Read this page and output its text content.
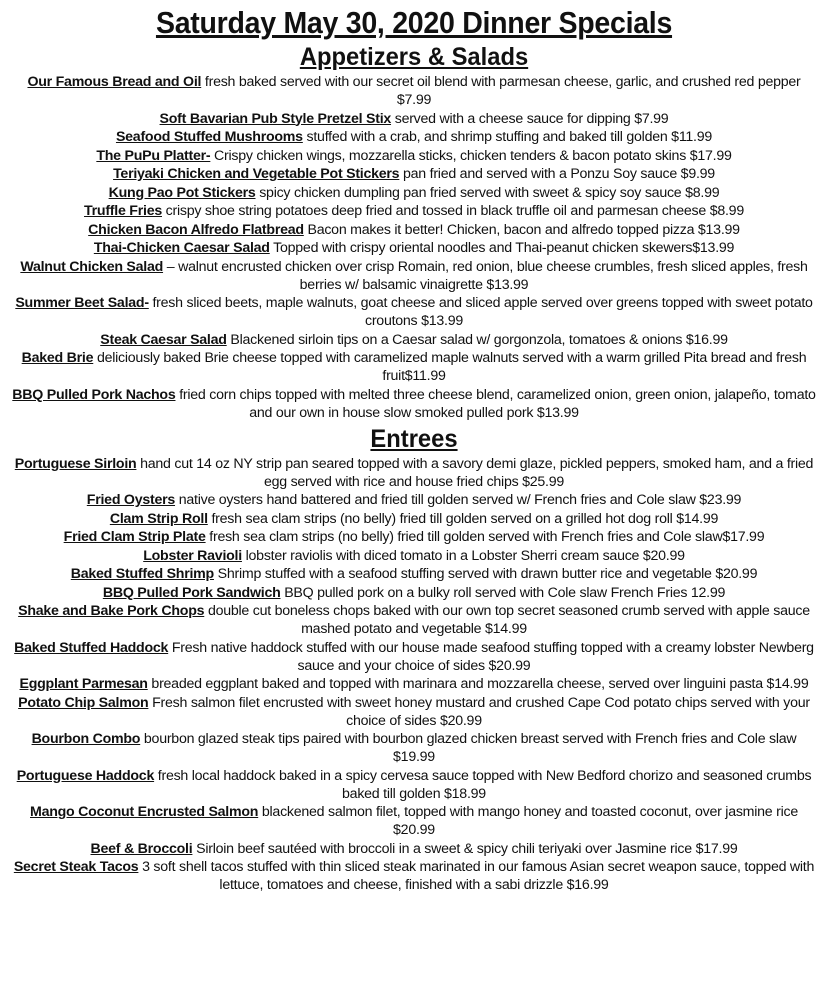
Saturday May 30, 2020 Dinner Specials
Appetizers & Salads

Our Famous Bread and Oil fresh baked served with our secret oil blend with parmesan cheese, garlic, and crushed red pepper $7.99

Soft Bavarian Pub Style Pretzel Stix served with a cheese sauce for dipping $7.99

Seafood Stuffed Mushrooms stuffed with a crab, and shrimp stuffing and baked till golden $11.99

The PuPu Platter- Crispy chicken wings, mozzarella sticks, chicken tenders & bacon potato skins $17.99

Teriyaki Chicken and Vegetable Pot Stickers pan fried and served with a Ponzu Soy sauce $9.99

Kung Pao Pot Stickers spicy chicken dumpling pan fried served with sweet & spicy soy sauce $8.99

Truffle Fries crispy shoe string potatoes deep fried and tossed in black truffle oil and parmesan cheese $8.99

Chicken Bacon Alfredo Flatbread Bacon makes it better! Chicken, bacon and alfredo topped pizza $13.99

Thai-Chicken Caesar Salad Topped with crispy oriental noodles and Thai-peanut chicken skewers$13.99

Walnut Chicken Salad – walnut encrusted chicken over crisp Romain, red onion, blue cheese crumbles, fresh sliced apples, fresh berries w/ balsamic vinaigrette $13.99

Summer Beet Salad- fresh sliced beets, maple walnuts, goat cheese and sliced apple served over greens topped with sweet potato croutons $13.99

Steak Caesar Salad Blackened sirloin tips on a Caesar salad w/ gorgonzola, tomatoes & onions $16.99

Baked Brie deliciously baked Brie cheese topped with caramelized maple walnuts served with a warm grilled Pita bread and fresh fruit$11.99

BBQ Pulled Pork Nachos fried corn chips topped with melted three cheese blend, caramelized onion, green onion, jalapeño, tomato and our own in house slow smoked pulled pork $13.99

Entrees

Portuguese Sirloin hand cut 14 oz NY strip pan seared topped with a savory demi glaze, pickled peppers, smoked ham, and a fried egg served with rice and house fried chips $25.99

Fried Oysters native oysters hand battered and fried till golden served w/ French fries and Cole slaw $23.99

Clam Strip Roll fresh sea clam strips (no belly) fried till golden served on a grilled hot dog roll $14.99

Fried Clam Strip Plate fresh sea clam strips (no belly) fried till golden served with French fries and Cole slaw$17.99

Lobster Ravioli lobster raviolis with diced tomato in a Lobster Sherri cream sauce $20.99

Baked Stuffed Shrimp Shrimp stuffed with a seafood stuffing served with drawn butter rice and vegetable $20.99

BBQ Pulled Pork Sandwich BBQ pulled pork on a bulky roll served with Cole slaw French Fries 12.99

Shake and Bake Pork Chops double cut boneless chops baked with our own top secret seasoned crumb served with apple sauce mashed potato and vegetable $14.99

Baked Stuffed Haddock Fresh native haddock stuffed with our house made seafood stuffing topped with a creamy lobster Newberg sauce and your choice of sides $20.99

Eggplant Parmesan breaded eggplant baked and topped with marinara and mozzarella cheese, served over linguini pasta $14.99

Potato Chip Salmon Fresh salmon filet encrusted with sweet honey mustard and crushed Cape Cod potato chips served with your choice of sides $20.99

Bourbon Combo bourbon glazed steak tips paired with bourbon glazed chicken breast served with French fries and Cole slaw $19.99

Portuguese Haddock fresh local haddock baked in a spicy cervesa sauce topped with New Bedford chorizo and seasoned crumbs baked till golden $18.99

Mango Coconut Encrusted Salmon blackened salmon filet, topped with mango honey and toasted coconut, over jasmine rice $20.99

Beef & Broccoli Sirloin beef sautéed with broccoli in a sweet & spicy chili teriyaki over Jasmine rice $17.99

Secret Steak Tacos 3 soft shell tacos stuffed with thin sliced steak marinated in our famous Asian secret weapon sauce, topped with lettuce, tomatoes and cheese, finished with a sabi drizzle $16.99
